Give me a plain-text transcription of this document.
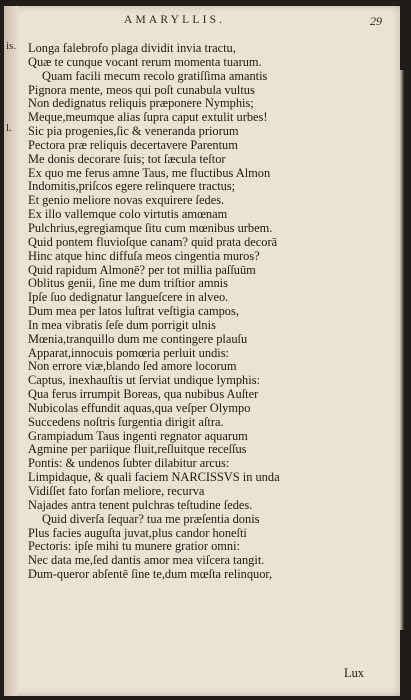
is.
l.
AMARYLLIS.	29
Longa falebrofo plaga dividit invia tractu,
Quæ te cunque vocant rerum momenta tuarum.
Quam facili mecum recolo gratiſſima amantis
Pignora mente, meos qui poſt cunabula vultus
Non dedignatus reliquis præponere Nymphis;
Meque,meumque alias ſupra caput extulit urbes!
Sic pia progenies,ſic & veneranda priorum
Pectora præ reliquis decertavere Parentum
Me donis decorare ſuis; tot ſæcula teſtor
Ex quo me ferus amne Taus, me fluctibus Almon
Indomitis,priſcos egere relinquere tractus;
Et genio meliore novas exquirere ſedes.
Ex illo vallemque colo virtutis amœnam
Pulchrius,egregiamque ſitu cum mœnibus urbem.
Quid pontem fluvioſque canam? quid prata decorā
Hinc atque hinc diffuſa meos cingentia muros?
Quid rapidum Almonē? per tot millia paſſuūm
Oblitus genii, ſine me dum triſtior amnis
Ipſe ſuo dedignatur langueſcere in alveo.
Dum mea per latos luſtrat veſtigia campos,
In mea vibratis ſeſe dum porrigit ulnis
Mœnia,tranquillo dum me contingere plauſu
Apparat,innocuis pomœria perluit undis:
Non errore viæ,blando ſed amore locorum
Captus, inexhauſtis ut ſerviat undique lymphis:
Qua ferus irrumpit Boreas, qua nubibus Auſter
Nubicolas effundit aquas,qua veſper Olympo
Succedens noſtris ſurgentia dirigit aſtra.
Grampiadum Taus ingenti regnator aquarum
Agmine per pariique fluit,reſluitque receſſus
Pontis: & undenos ſubter dilabitur arcus:
Limpidaque, & quali faciem NARCISSVS in unda
Vidiſſet fato forſan meliore, recurva
Najades antra tenent pulchras teſtudine ſedes.
Quid diverſa ſequar? tua me præſentia donis
Plus facies auguſta juvat,plus candor honeſti
Pectoris: ipſe mihi tu munere gratior omni:
Nec data me,ſed dantis amor mea viſcera tangit.
Dum-queror abſentē ſine te,dum mœſta relinquor,
Lux
